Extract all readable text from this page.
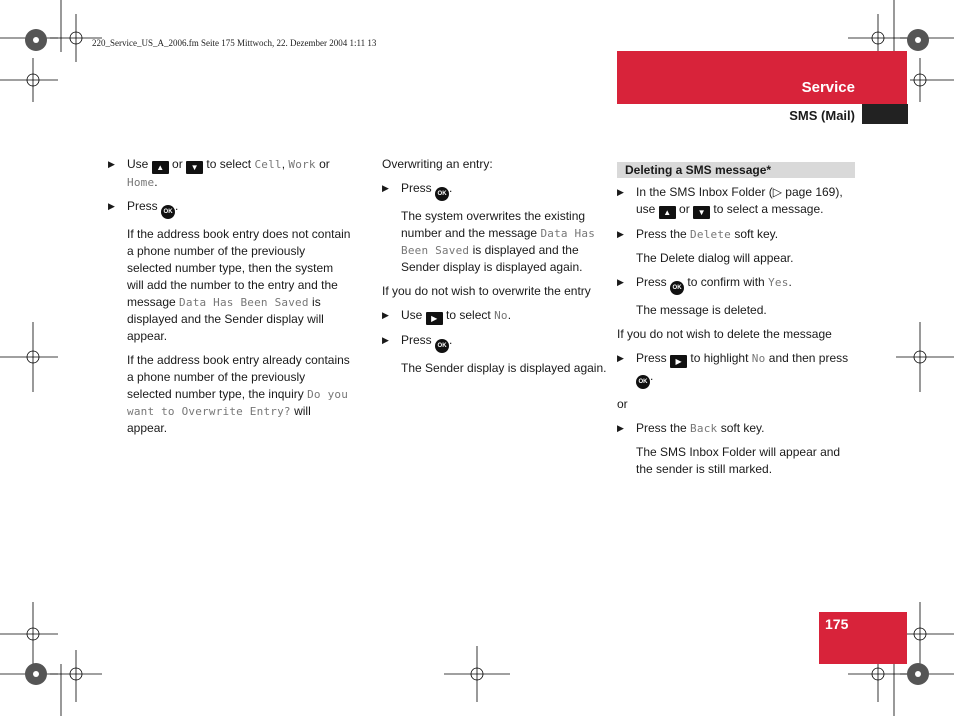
220_Service_US_A_2006.fm Seite 175 Mittwoch, 22. Dezember 2004 1:11 13
Service
SMS (Mail)
175
▶ Use ▲ or ▼ to select Cell, Work or Home.
▶ Press OK .
If the address book entry does not contain a phone number of the previously selected number type, then the system will add the number to the entry and the message Data Has Been Saved is displayed and the Sender display will appear.
If the address book entry already contains a phone number of the previously selected number type, the inquiry Do you want to Overwrite Entry? will appear.
Overwriting an entry:
▶ Press OK .
The system overwrites the existing number and the message Data Has Been Saved is displayed and the Sender display is displayed again.
If you do not wish to overwrite the entry
▶ Use ▶ to select No.
▶ Press OK .
The Sender display is displayed again.
Deleting a SMS message*
▶ In the SMS Inbox Folder (▷ page 169), use ▲ or ▼ to select a message.
▶ Press the Delete soft key.
The Delete dialog will appear.
▶ Press OK to confirm with Yes.
The message is deleted.
If you do not wish to delete the message
▶ Press ▶ to highlight No and then press OK .
or
▶ Press the Back soft key.
The SMS Inbox Folder will appear and the sender is still marked.
